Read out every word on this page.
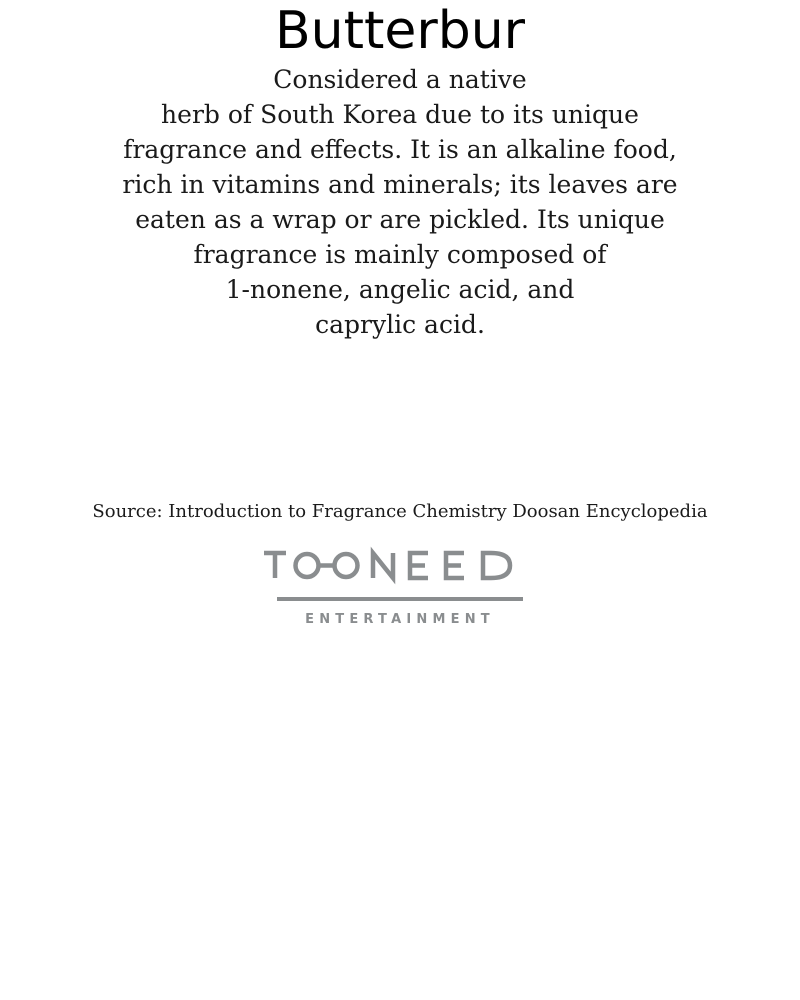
Butterbur
Considered a native
herb of South Korea due to its unique
fragrance and effects. It is an alkaline food,
rich in vitamins and minerals; its leaves are
eaten as a wrap or are pickled. Its unique
fragrance is mainly composed of
1-nonene, angelic acid, and
caprylic acid.
Source: Introduction to Fragrance Chemistry Doosan Encyclopedia
ENTERTAINMENT
TOONEED
